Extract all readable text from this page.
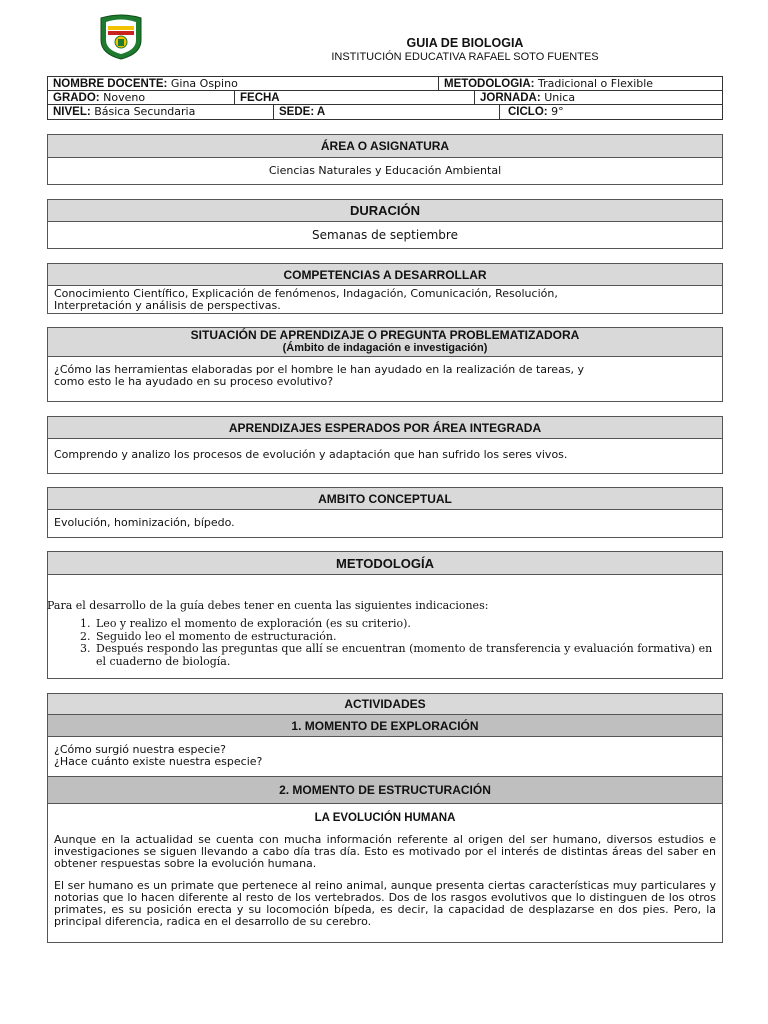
GUIA DE BIOLOGIA
INSTITUCIÓN EDUCATIVA RAFAEL SOTO FUENTES
NOMBRE DOCENTE: Gina Ospino	METODOLOGIA: Tradicional o Flexible
GRADO: Noveno	FECHA	JORNADA: Unica
NIVEL: Básica Secundaria	SEDE: A	CICLO: 9°
ÁREA O ASIGNATURA
Ciencias Naturales y Educación Ambiental
DURACIÓN
Semanas de septiembre
COMPETENCIAS A DESARROLLAR
Conocimiento Científico, Explicación de fenómenos, Indagación, Comunicación, Resolución,
Interpretación y análisis de perspectivas.
SITUACIÓN DE APRENDIZAJE O PREGUNTA PROBLEMATIZADORA
(Ámbito de indagación e investigación)
¿Cómo las herramientas elaboradas por el hombre le han ayudado en la realización de tareas, y
como esto le ha ayudado en su proceso evolutivo?
APRENDIZAJES ESPERADOS POR ÁREA INTEGRADA
Comprendo y analizo los procesos de evolución y adaptación que han sufrido los seres vivos.
AMBITO CONCEPTUAL
Evolución, hominización, bípedo.
METODOLOGÍA
Para el desarrollo de la guía debes tener en cuenta las siguientes indicaciones:
1. Leo y realizo el momento de exploración (es su criterio).
2. Seguido leo el momento de estructuración.
3. Después respondo las preguntas que allí se encuentran (momento de transferencia y evaluación formativa) en el cuaderno de biología.
ACTIVIDADES
1. MOMENTO DE EXPLORACIÓN
¿Cómo surgió nuestra especie?
¿Hace cuánto existe nuestra especie?
2. MOMENTO DE ESTRUCTURACIÓN
LA EVOLUCIÓN HUMANA
Aunque en la actualidad se cuenta con mucha información referente al origen del ser humano, diversos estudios e investigaciones se siguen llevando a cabo día tras día. Esto es motivado por el interés de distintas áreas del saber en obtener respuestas sobre la evolución humana.
El ser humano es un primate que pertenece al reino animal, aunque presenta ciertas características muy particulares y notorias que lo hacen diferente al resto de los vertebrados. Dos de los rasgos evolutivos que lo distinguen de los otros primates, es su posición erecta y su locomoción bípeda, es decir, la capacidad de desplazarse en dos pies. Pero, la principal diferencia, radica en el desarrollo de su cerebro.
